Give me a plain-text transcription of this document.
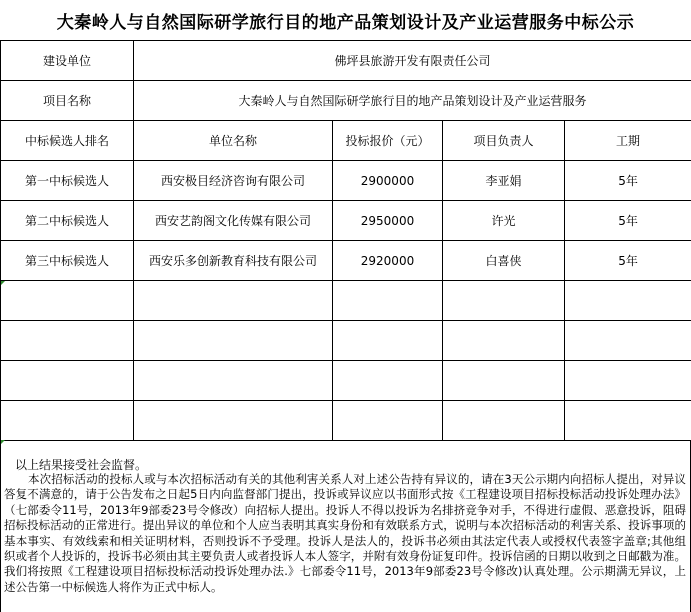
大秦岭人与自然国际研学旅行目的地产品策划设计及产业运营服务中标公示
建设单位	佛坪县旅游开发有限责任公司			
项目名称	大秦岭人与自然国际研学旅行目的地产品策划设计及产业运营服务			
中标候选人排名	单位名称	投标报价（元）	项目负责人	工期
第一中标候选人	西安极目经济咨询有限公司	2900000	李亚娟	5年
第二中标候选人	西安艺韵阁文化传媒有限公司	2950000	许光	5年
第三中标候选人	西安乐多创新教育科技有限公司	2920000	白喜侠	5年

以上结果接受社会监督。
本次招标活动的投标人或与本次招标活动有关的其他利害关系人对上述公告持有异议的，请在3天公示期内向招标人提出，对异议答复不满意的，请于公告发布之日起5日内向监督部门提出，投诉或异议应以书面形式按《工程建设项目招标投标活动投诉处理办法》（七部委令11号，2013年9部委23号令修改）向招标人提出。投诉人不得以投诉为名排挤竞争对手，不得进行虚假、恶意投诉，阻碍招标投标活动的正常进行。提出异议的单位和个人应当表明其真实身份和有效联系方式，说明与本次招标活动的利害关系、投诉事项的基本事实、有效线索和相关证明材料，否则投诉不予受理。投诉人是法人的，投诉书必须由其法定代表人或授权代表签字盖章;其他组织或者个人投诉的，投诉书必须由其主要负责人或者投诉人本人签字，并附有效身份证复印件。投诉信函的日期以收到之日邮戳为准。我们将按照《工程建设项目招标投标活动投诉处理办法.》七部委令11号，2013年9部委23号令修改)认真处理。公示期满无异议，上述公告第一中标候选人将作为正式中标人。
